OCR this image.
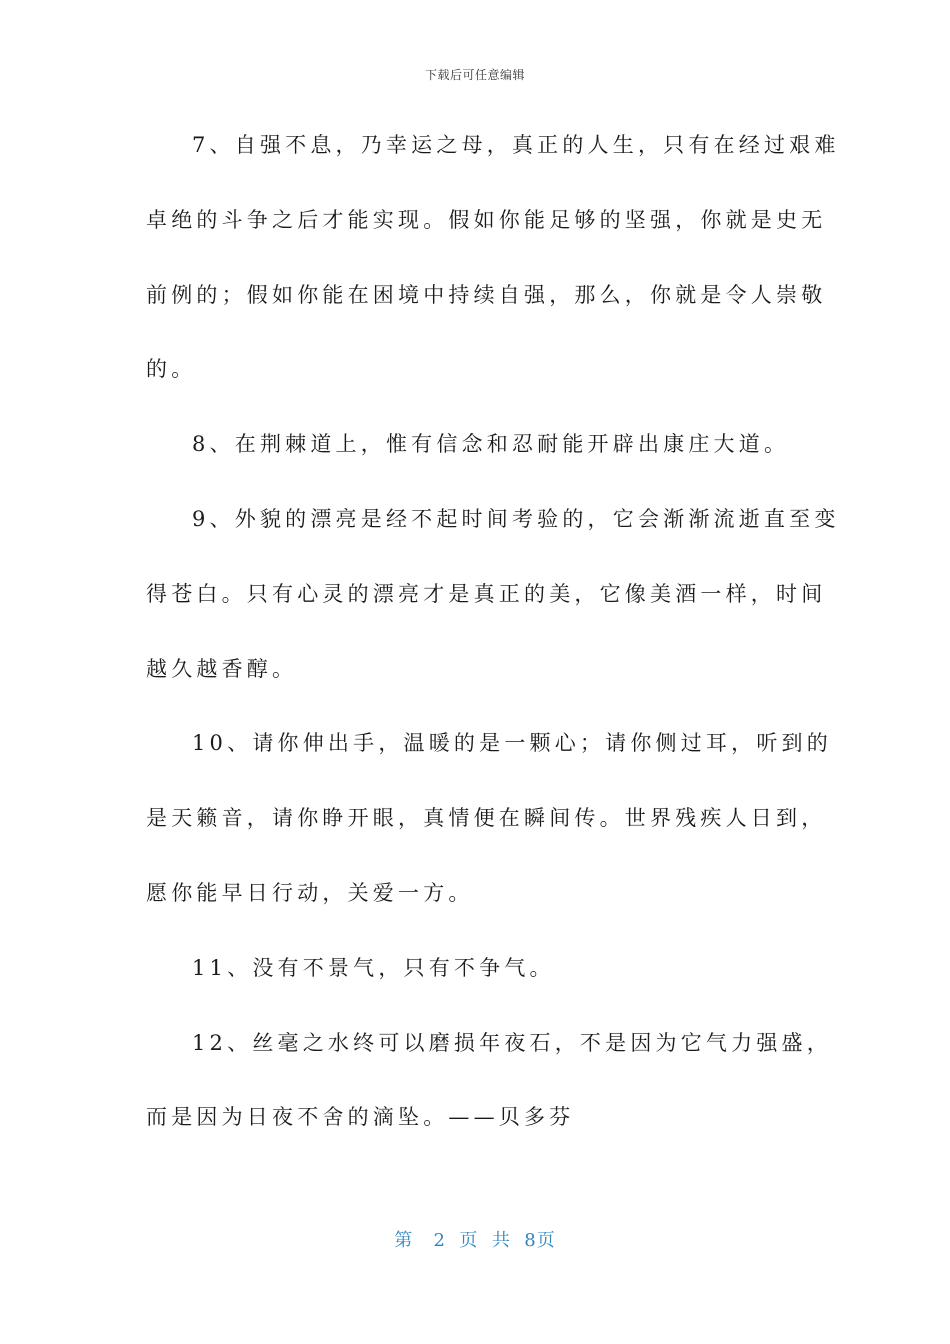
下载后可任意编辑
7、自强不息，乃幸运之母，真正的人生，只有在经过艰难
卓绝的斗争之后才能实现。假如你能足够的坚强，你就是史无
前例的；假如你能在困境中持续自强，那么，你就是令人崇敬
的。
8、在荆棘道上，惟有信念和忍耐能开辟出康庄大道。
9、外貌的漂亮是经不起时间考验的，它会渐渐流逝直至变
得苍白。只有心灵的漂亮才是真正的美，它像美酒一样，时间
越久越香醇。
10、请你伸出手，温暖的是一颗心；请你侧过耳，听到的
是天籁音，请你睁开眼，真情便在瞬间传。世界残疾人日到，
愿你能早日行动，关爱一方。
11、没有不景气，只有不争气。
12、丝毫之水终可以磨损年夜石，不是因为它气力强盛，
而是因为日夜不舍的滴坠。——贝多芬
第 2 页 共 8页
